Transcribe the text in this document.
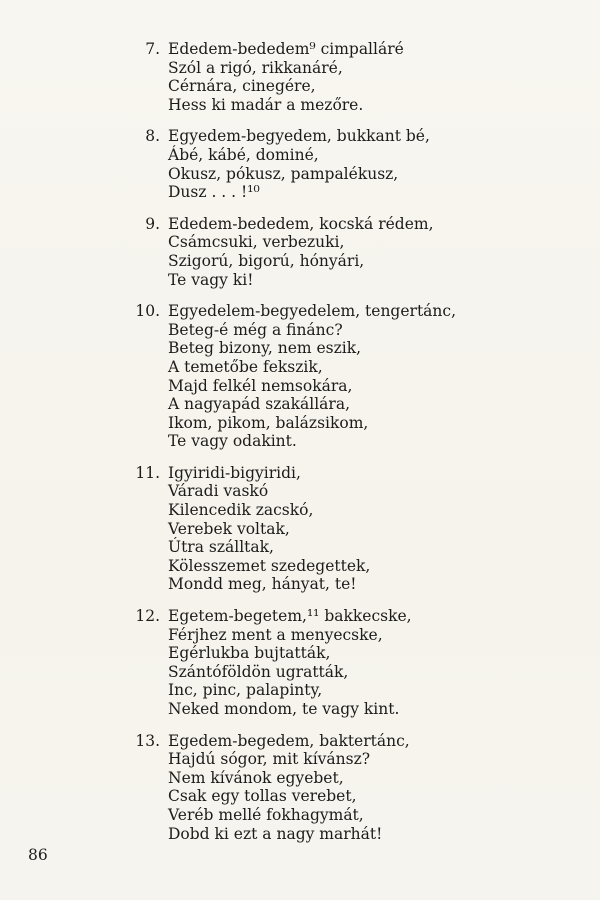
7. Ededem-bededem⁹ cimpalláré
Szól a rigó, rikkanáré,
Cérnára, cinegére,
Hess ki madár a mezőre.
8. Egyedem-begyedem, bukkant bé,
Ábé, kábé, dominé,
Okusz, pókusz, pampalékusz,
Dusz . . . !¹⁰
9. Ededem-bededem, kocská rédem,
Csámcsuki, verbezuki,
Szigorú, bigorú, hónyári,
Te vagy ki!
10. Egyedelem-begyedelem, tengertánc,
Beteg-é még a finánc?
Beteg bizony, nem eszik,
A temetőbe fekszik,
Majd felkél nemsokára,
A nagyapád szakállára,
Ikom, pikom, balázsikom,
Te vagy odakint.
11. Igyiridi-bigyiridi,
Váradi vaskó
Kilencedik zacskó,
Verebek voltak,
Útra szálltak,
Kölesszemet szedegettek,
Mondd meg, hányat, te!
12. Egetem-begetem,¹¹ bakkecske,
Férjhez ment a menyecske,
Egérlukba bujtatták,
Szántóföldön ugratták,
Inc, pinc, palapinty,
Neked mondom, te vagy kint.
13. Egedem-begedem, baktertánc,
Hajdú sógor, mit kívánsz?
Nem kívánok egyebet,
Csak egy tollas verebet,
Veréb mellé fokhagymát,
Dobd ki ezt a nagy marhát!
86
